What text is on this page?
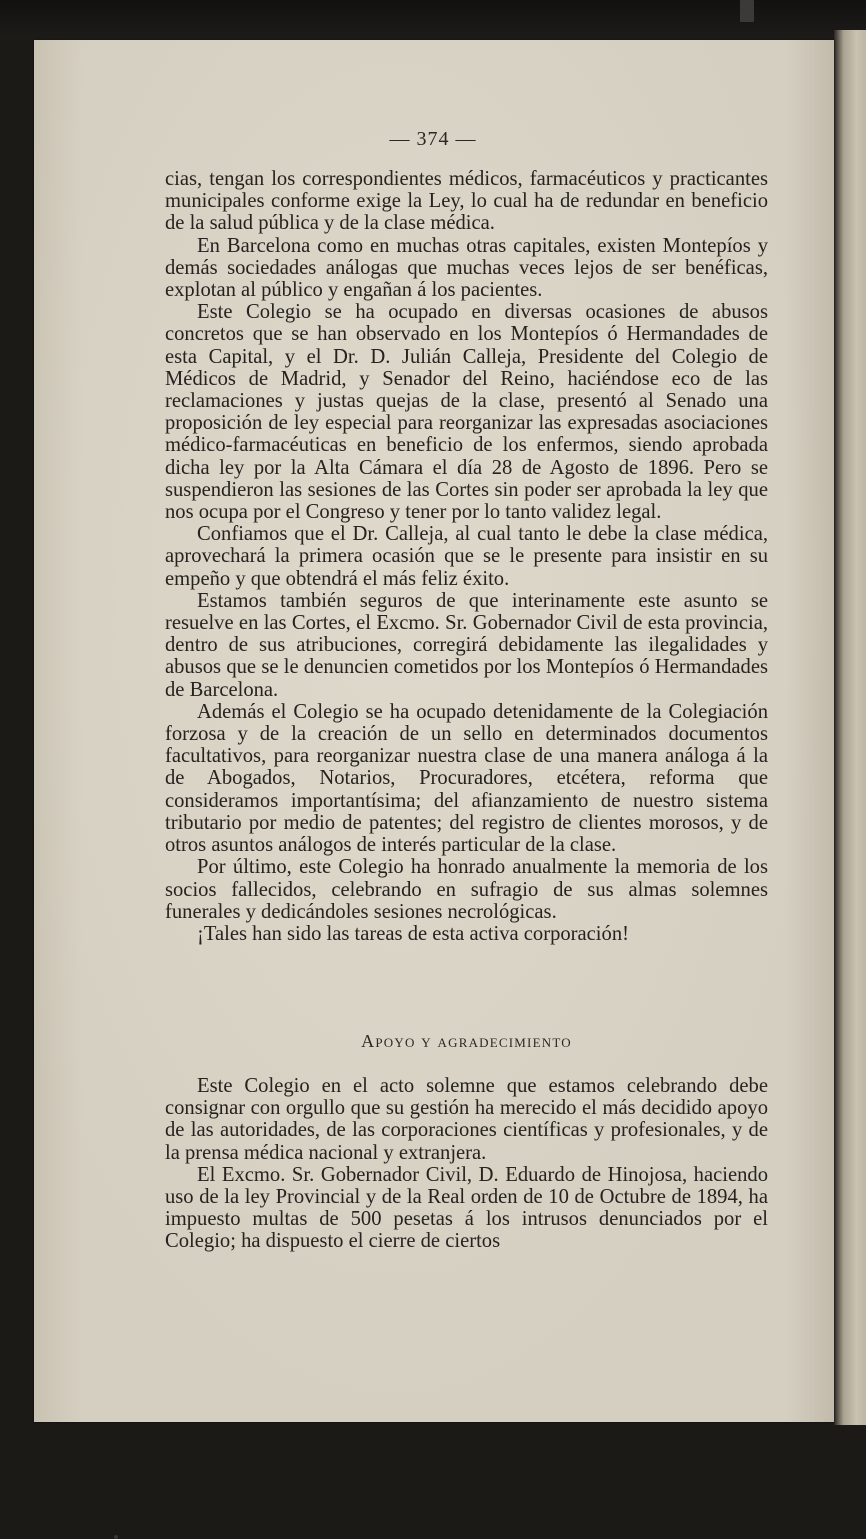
— 374 —

cias, tengan los correspondientes médicos, farmacéuticos y practicantes municipales conforme exige la Ley, lo cual ha de redundar en beneficio de la salud pública y de la clase médica.

En Barcelona como en muchas otras capitales, existen Montepíos y demás sociedades análogas que muchas veces lejos de ser benéficas, explotan al público y engañan á los pacientes.

Este Colegio se ha ocupado en diversas ocasiones de abusos concretos que se han observado en los Montepíos ó Hermandades de esta Capital, y el Dr. D. Julián Calleja, Presidente del Colegio de Médicos de Madrid, y Senador del Reino, haciéndose eco de las reclamaciones y justas quejas de la clase, presentó al Senado una proposición de ley especial para reorganizar las expresadas asociaciones médico-farmacéuticas en beneficio de los enfermos, siendo aprobada dicha ley por la Alta Cámara el día 28 de Agosto de 1896. Pero se suspendieron las sesiones de las Cortes sin poder ser aprobada la ley que nos ocupa por el Congreso y tener por lo tanto validez legal.

Confiamos que el Dr. Calleja, al cual tanto le debe la clase médica, aprovechará la primera ocasión que se le presente para insistir en su empeño y que obtendrá el más feliz éxito.

Estamos también seguros de que interinamente este asunto se resuelve en las Cortes, el Excmo. Sr. Gobernador Civil de esta provincia, dentro de sus atribuciones, corregirá debidamente las ilegalidades y abusos que se le denuncien cometidos por los Montepíos ó Hermandades de Barcelona.

Además el Colegio se ha ocupado detenidamente de la Colegiación forzosa y de la creación de un sello en determinados documentos facultativos, para reorganizar nuestra clase de una manera análoga á la de Abogados, Notarios, Procuradores, etcétera, reforma que consideramos importantísima; del afianzamiento de nuestro sistema tributario por medio de patentes; del registro de clientes morosos, y de otros asuntos análogos de interés particular de la clase.

Por último, este Colegio ha honrado anualmente la memoria de los socios fallecidos, celebrando en sufragio de sus almas solemnes funerales y dedicándoles sesiones necrológicas.

¡Tales han sido las tareas de esta activa corporación!

Apoyo y agradecimiento

Este Colegio en el acto solemne que estamos celebrando debe consignar con orgullo que su gestión ha merecido el más decidido apoyo de las autoridades, de las corporaciones científicas y profesionales, y de la prensa médica nacional y extranjera.

El Excmo. Sr. Gobernador Civil, D. Eduardo de Hinojosa, haciendo uso de la ley Provincial y de la Real orden de 10 de Octubre de 1894, ha impuesto multas de 500 pesetas á los intrusos denunciados por el Colegio; ha dispuesto el cierre de ciertos
